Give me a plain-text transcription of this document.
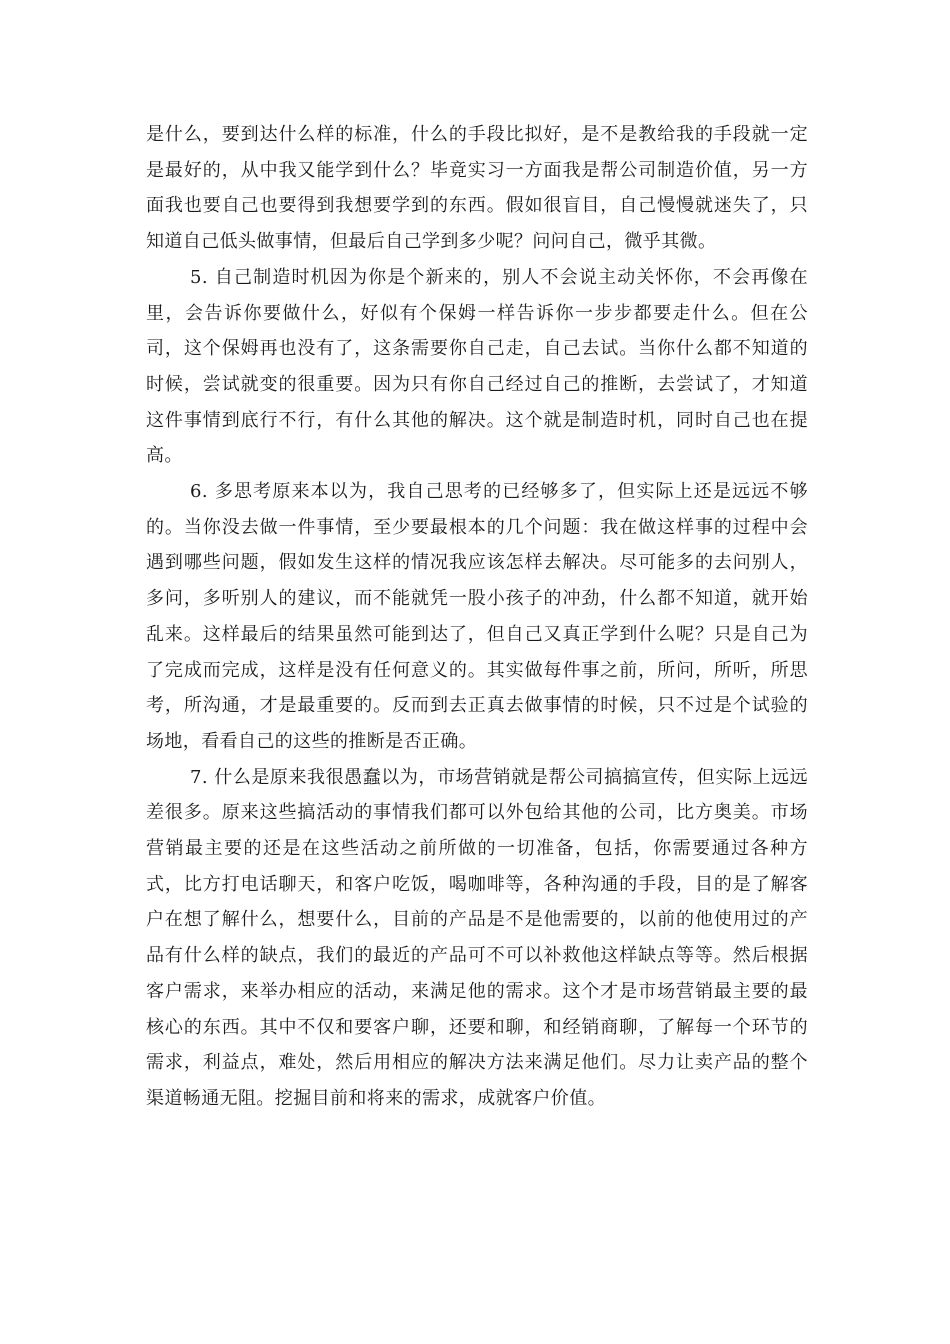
是什么，要到达什么样的标准，什么的手段比拟好，是不是教给我的手段就一定是最好的，从中我又能学到什么？毕竟实习一方面我是帮公司制造价值，另一方面我也要自己也要得到我想要学到的东西。假如很盲目，自己慢慢就迷失了，只知道自己低头做事情，但最后自己学到多少呢？问问自己，微乎其微。

5. 自己制造时机因为你是个新来的，别人不会说主动关怀你，不会再像在里，会告诉你要做什么，好似有个保姆一样告诉你一步步都要走什么。但在公司，这个保姆再也没有了，这条需要你自己走，自己去试。当你什么都不知道的时候，尝试就变的很重要。因为只有你自己经过自己的推断，去尝试了，才知道这件事情到底行不行，有什么其他的解决。这个就是制造时机，同时自己也在提高。

6. 多思考原来本以为，我自己思考的已经够多了，但实际上还是远远不够的。当你没去做一件事情，至少要最根本的几个问题：我在做这样事的过程中会遇到哪些问题，假如发生这样的情况我应该怎样去解决。尽可能多的去问别人，多问，多听别人的建议，而不能就凭一股小孩子的冲劲，什么都不知道，就开始乱来。这样最后的结果虽然可能到达了，但自己又真正学到什么呢？只是自己为了完成而完成，这样是没有任何意义的。其实做每件事之前，所问，所听，所思考，所沟通，才是最重要的。反而到去正真去做事情的时候，只不过是个试验的场地，看看自己的这些的推断是否正确。

7. 什么是原来我很愚蠢以为，市场营销就是帮公司搞搞宣传，但实际上远远差很多。原来这些搞活动的事情我们都可以外包给其他的公司，比方奥美。市场营销最主要的还是在这些活动之前所做的一切准备，包括，你需要通过各种方式，比方打电话聊天，和客户吃饭，喝咖啡等，各种沟通的手段，目的是了解客户在想了解什么，想要什么，目前的产品是不是他需要的，以前的他使用过的产品有什么样的缺点，我们的最近的产品可不可以补救他这样缺点等等。然后根据客户需求，来举办相应的活动，来满足他的需求。这个才是市场营销最主要的最核心的东西。其中不仅和要客户聊，还要和聊，和经销商聊，了解每一个环节的需求，利益点，难处，然后用相应的解决方法来满足他们。尽力让卖产品的整个渠道畅通无阻。挖掘目前和将来的需求，成就客户价值。
